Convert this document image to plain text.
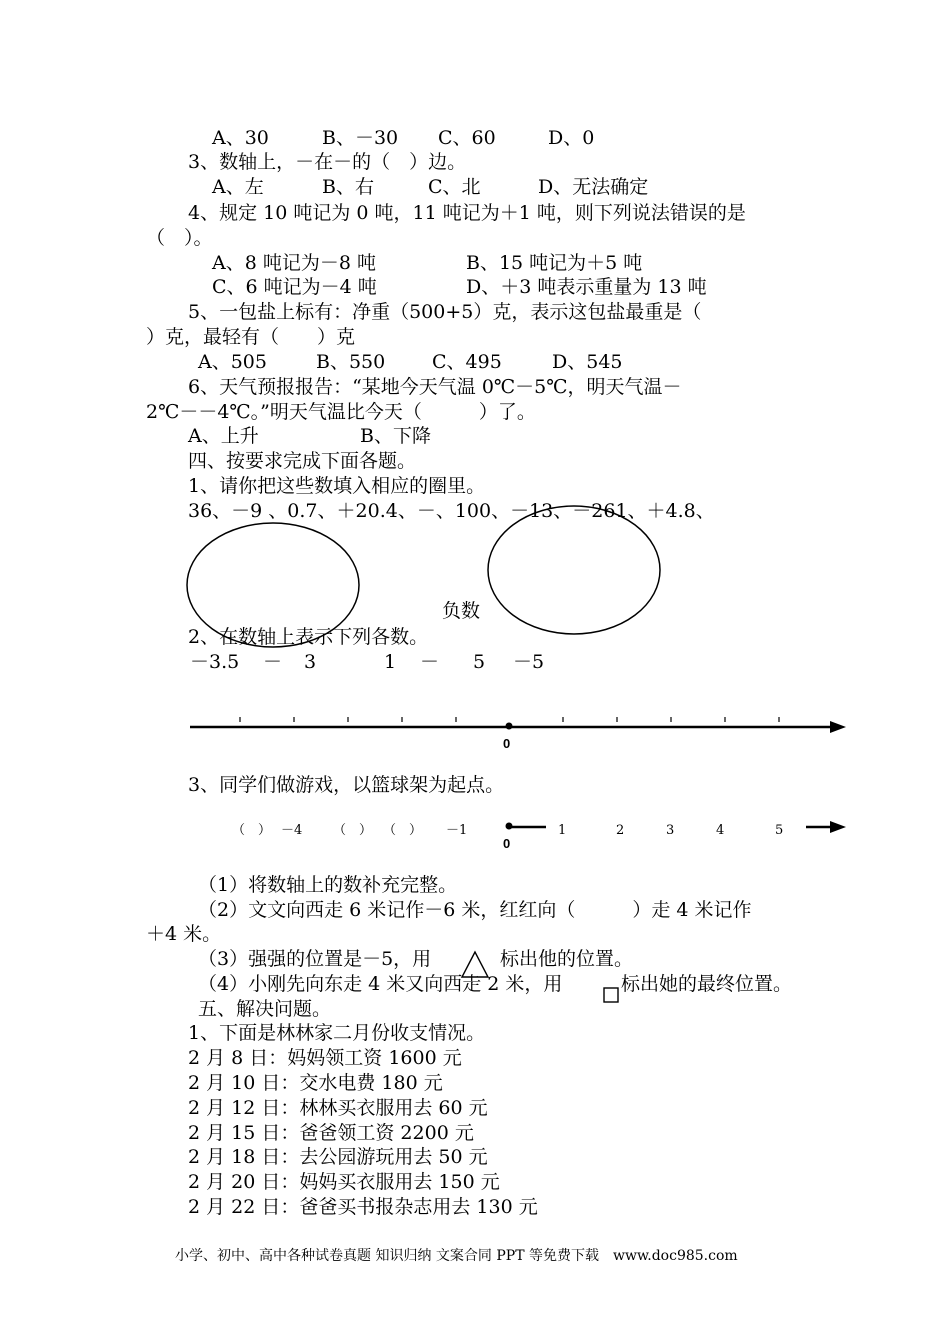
A、30	B、－30 C、60	D、0
3、数轴上，－在－的（　）边。
A、左	B、右	C、北	D、无法确定
4、规定 10 吨记为 0 吨，11 吨记为＋1 吨，则下列说法错误的是
（　）。
A、8 吨记为－8 吨	B、15 吨记为＋5 吨
C、6 吨记为－4 吨	D、＋3 吨表示重量为 13 吨
5、一包盐上标有：净重（500+5）克，表示这包盐最重是（
）克，最轻有（　　）克
A、505	B、550 C、495	D、545
6、天气预报报告：“某地今天气温 0℃－5℃，明天气温－
2℃－－4℃。”明天气温比今天（　　　）了。
A、上升	B、下降
四、按要求完成下面各题。
1、请你把这些数填入相应的圈里。
36、－9 、0.7、＋20.4、－、100、－13、－261、＋4.8、
负数
2、在数轴上表示下列各数。
－3.5 － 3	1 － 5 －5
0
3、同学们做游戏，以篮球架为起点。
（　） －4 （　） （　） －1
0
1	2	3	4	5
（1）将数轴上的数补充完整。
（2）文文向西走 6 米记作－6 米，红红向（　　　）走 4 米记作
＋4 米。
（3）强强的位置是－5，用	标出他的位置。
（4）小刚先向东走 4 米又向西走 2 米，用	标出她的最终位置。
五、解决问题。
1、下面是林林家二月份收支情况。
2 月 8 日：妈妈领工资 1600 元
2 月 10 日：交水电费 180 元
2 月 12 日：林林买衣服用去 60 元
2 月 15 日：爸爸领工资 2200 元
2 月 18 日：去公园游玩用去 50 元
2 月 20 日：妈妈买衣服用去 150 元
2 月 22 日：爸爸买书报杂志用去 130 元
小学、初中、高中各种试卷真题 知识归纳 文案合同 PPT 等免费下载　www.doc985.com
